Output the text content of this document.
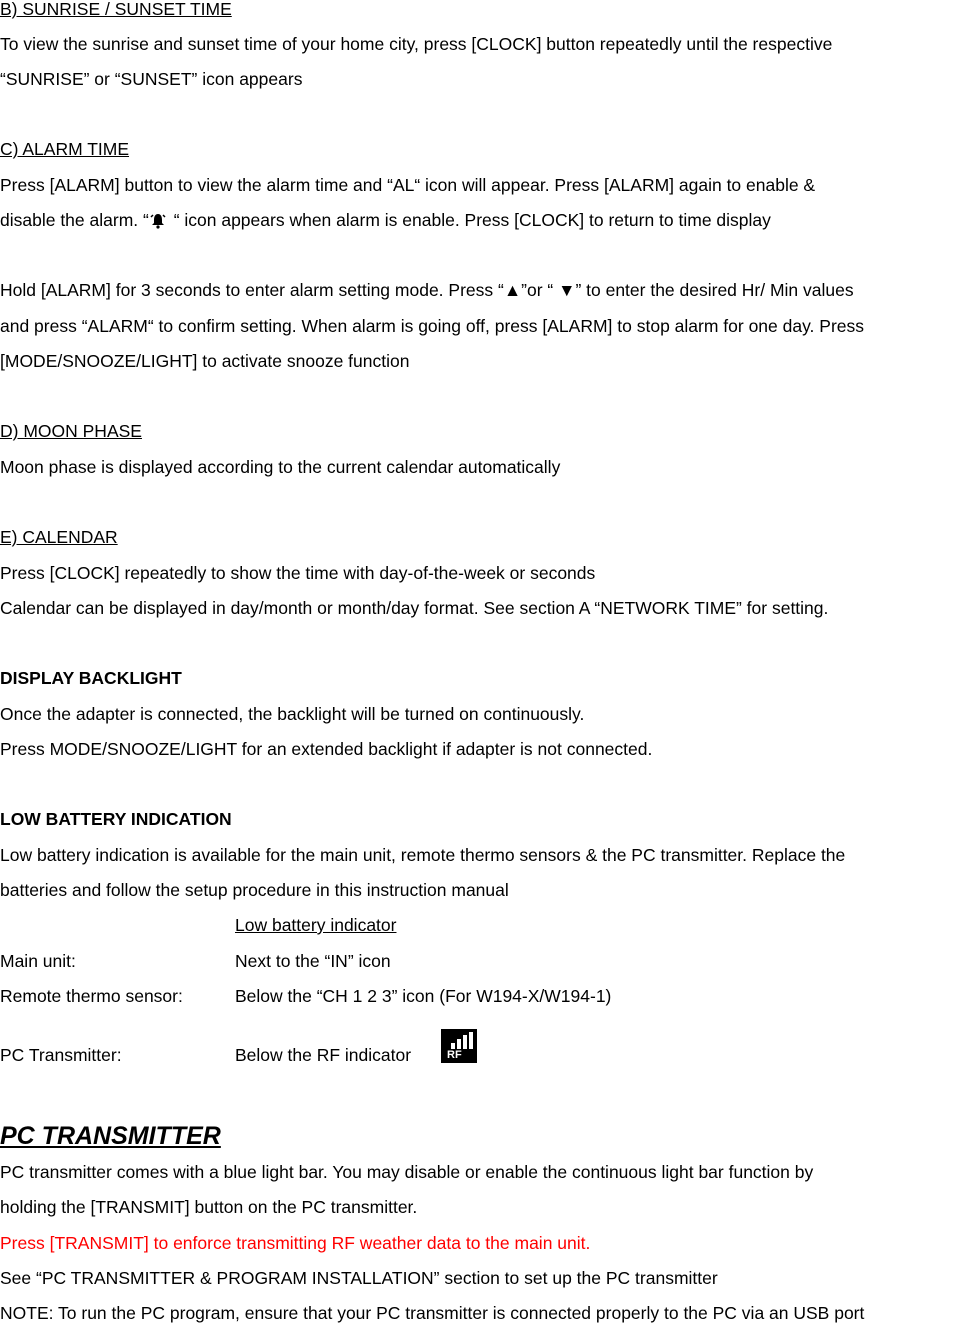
B) SUNRISE / SUNSET TIME
To view the sunrise and sunset time of your home city, press [CLOCK] button repeatedly until the respective
“SUNRISE” or “SUNSET” icon appears
C) ALARM TIME
Press [ALARM] button to view the alarm time and “AL“ icon will appear. Press [ALARM] again to enable &
disable the alarm. “ “ icon appears when alarm is enable. Press [CLOCK] to return to time display
Hold [ALARM] for 3 seconds to enter alarm setting mode. Press “▲”or “ ▼” to enter the desired Hr/ Min values
and press “ALARM“ to confirm setting. When alarm is going off, press [ALARM] to stop alarm for one day. Press
[MODE/SNOOZE/LIGHT] to activate snooze function
D) MOON PHASE
Moon phase is displayed according to the current calendar automatically
E) CALENDAR
Press [CLOCK] repeatedly to show the time with day-of-the-week or seconds
Calendar can be displayed in day/month or month/day format. See section A “NETWORK TIME” for setting.
DISPLAY BACKLIGHT
Once the adapter is connected, the backlight will be turned on continuously.
Press MODE/SNOOZE/LIGHT for an extended backlight if adapter is not connected.
LOW BATTERY INDICATION
Low battery indication is available for the main unit, remote thermo sensors & the PC transmitter. Replace the
batteries and follow the setup procedure in this instruction manual
Low battery indicator
Main unit:	Next to the “IN” icon
Remote thermo sensor:	Below the “CH 1 2 3” icon (For W194-X/W194-1)
PC Transmitter:	Below the RF indicator	RF
PC TRANSMITTER
PC transmitter comes with a blue light bar. You may disable or enable the continuous light bar function by
holding the [TRANSMIT] button on the PC transmitter.
Press [TRANSMIT] to enforce transmitting RF weather data to the main unit.
See “PC TRANSMITTER & PROGRAM INSTALLATION” section to set up the PC transmitter
NOTE: To run the PC program, ensure that your PC transmitter is connected properly to the PC via an USB port
